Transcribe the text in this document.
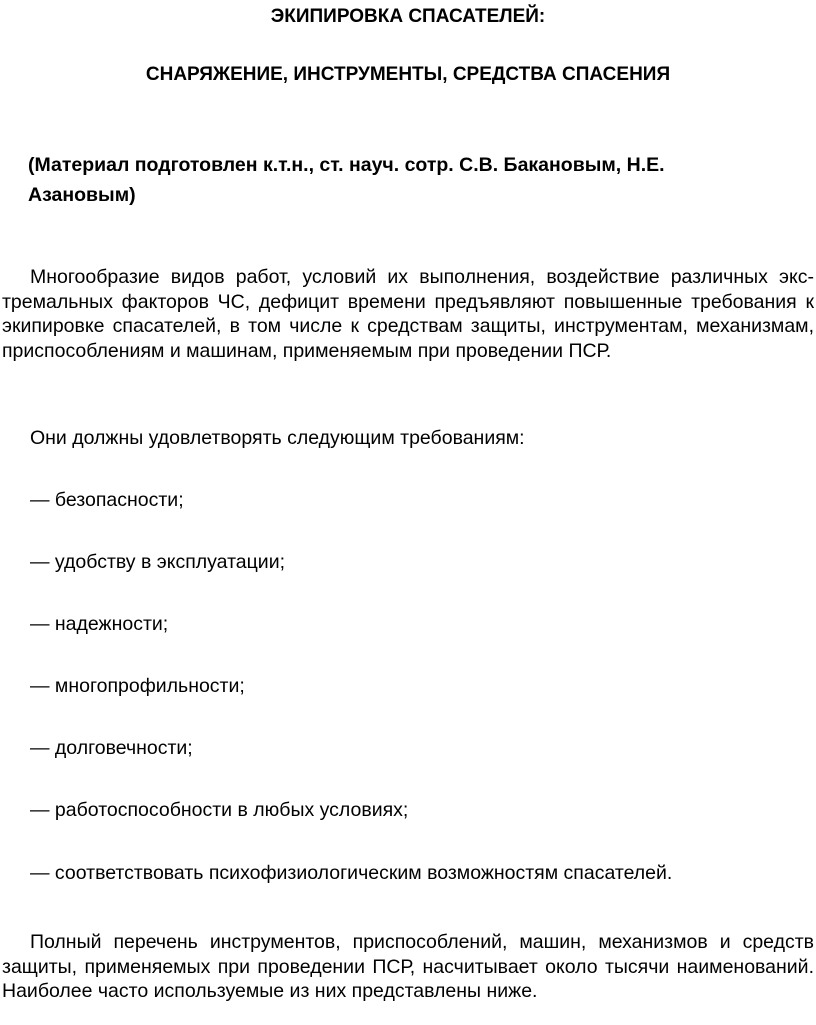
ЭКИПИРОВКА СПАСАТЕЛЕЙ:
СНАРЯЖЕНИЕ, ИНСТРУМЕНТЫ, СРЕДСТВА СПАСЕНИЯ

(Материал подготовлен к.т.н., ст. науч. сотр. С.В. Бакановым, Н.Е. Азановым)

Многообразие видов работ, условий их выполнения, воздействие различных экстремальных факторов ЧС, дефицит времени предъявляют повышенные требования к экипировке спасателей, в том числе к средствам защиты, инструментам, механизмам, приспособлениям и машинам, применяемым при проведении ПСР.

Они должны удовлетворять следующим требованиям:

— безопасности;
— удобству в эксплуатации;
— надежности;
— многопрофильности;
— долговечности;
— работоспособности в любых условиях;
— соответствовать психофизиологическим возможностям спасателей.

Полный перечень инструментов, приспособлений, машин, механизмов и средств защиты, применяемых при проведении ПСР, насчитывает около тысячи наименований. Наиболее часто используемые из них представлены ниже.
